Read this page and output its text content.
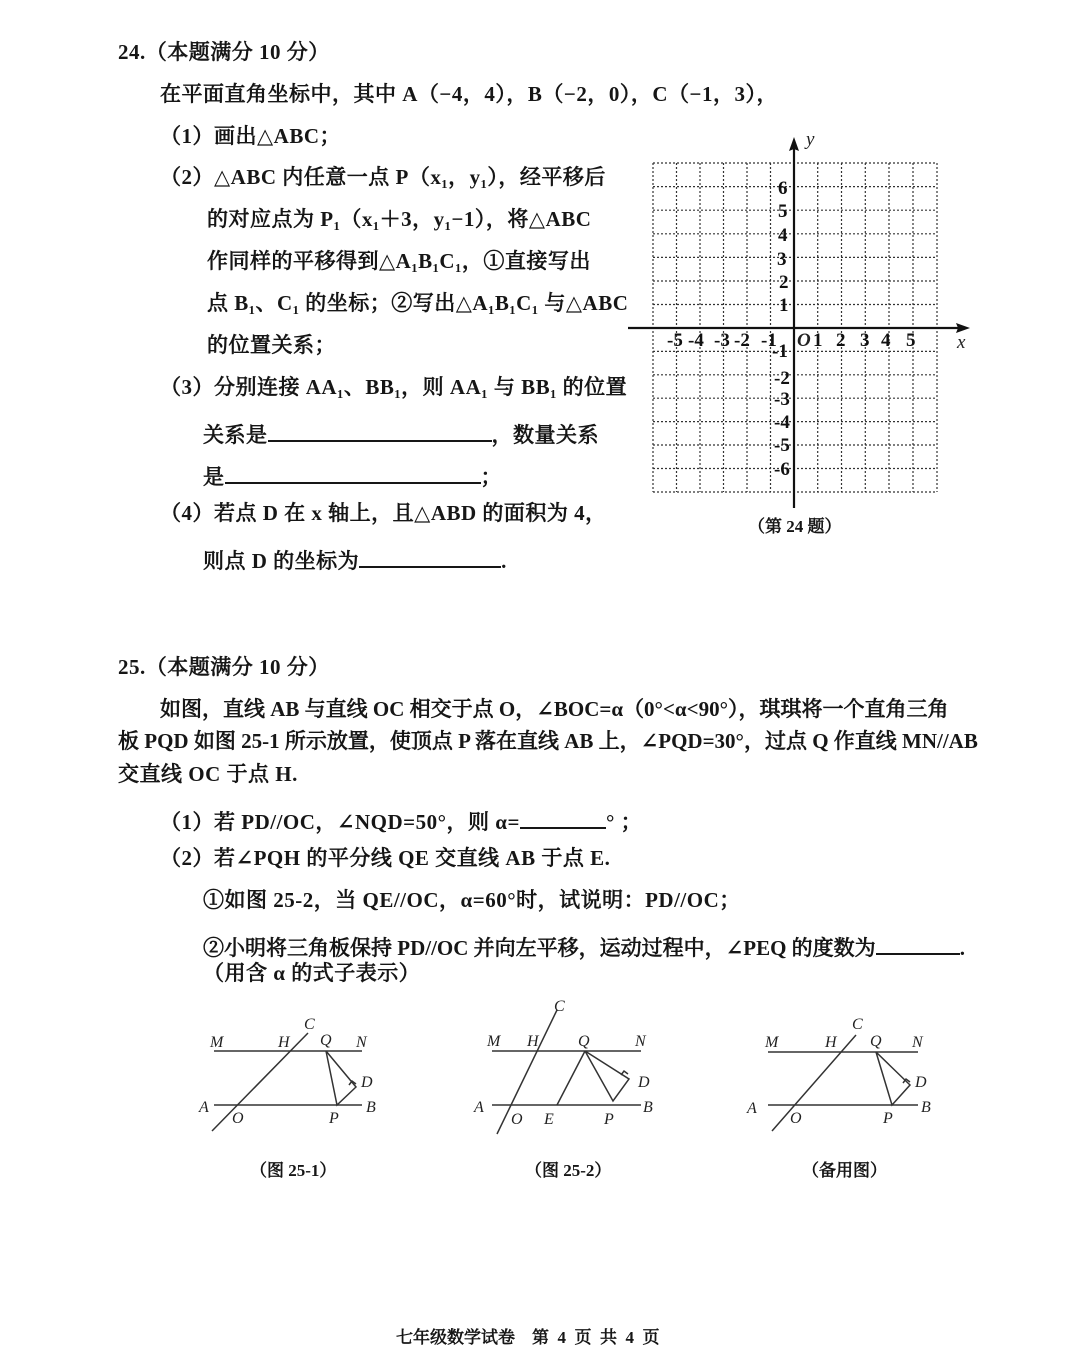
24.（本题满分 10 分）
在平面直角坐标中，其中 A（−4，4），B（−2，0），C（−1，3），
（1）画出△ABC；
（2）△ABC 内任意一点 P（x₁，y₁），经平移后
的对应点为 P₁（x₁＋3，y₁−1），将△ABC
作同样的平移得到△A₁B₁C₁，①直接写出
点 B₁、C₁ 的坐标；②写出△A₁B₁C₁ 与△ABC
的位置关系；
（3）分别连接 AA₁、BB₁，则 AA₁ 与 BB₁ 的位置
关系是	，数量关系
是	；
（4）若点 D 在 x 轴上，且△ABD 的面积为 4，
则点 D 的坐标为	.
y
x
O
-5 -4 -3 -2 -1 1 2 3 4 5
6
5
4
3
2
1
-1
-2
-3
-4
-5
-6
（第 24 题）
25.（本题满分 10 分）
如图，直线 AB 与直线 OC 相交于点 O，∠BOC=α（0°<α<90°），琪琪将一个直角三角
板 PQD 如图 25-1 所示放置，使顶点 P 落在直线 AB 上，∠PQD=30°，过点 Q 作直线 MN//AB
交直线 OC 于点 H.
（1）若 PD//OC，∠NQD=50°，则 α=	° ；
（2）若∠PQH 的平分线 QE 交直线 AB 于点 E.
①如图 25-2，当 QE//OC，α=60°时，试说明：PD//OC；
②小明将三角板保持 PD//OC 并向左平移，运动过程中，∠PEQ 的度数为	.
（用含 α 的式子表示）
M	H
C
Q N
D
A
O	P
B
（图 25-1）
M H
C
Q	N
D
A
O E	P
B
（图 25-2）
M	H
C
Q N
D
A
O	P
B
（备用图）
七年级数学试卷    第  4  页  共  4  页
